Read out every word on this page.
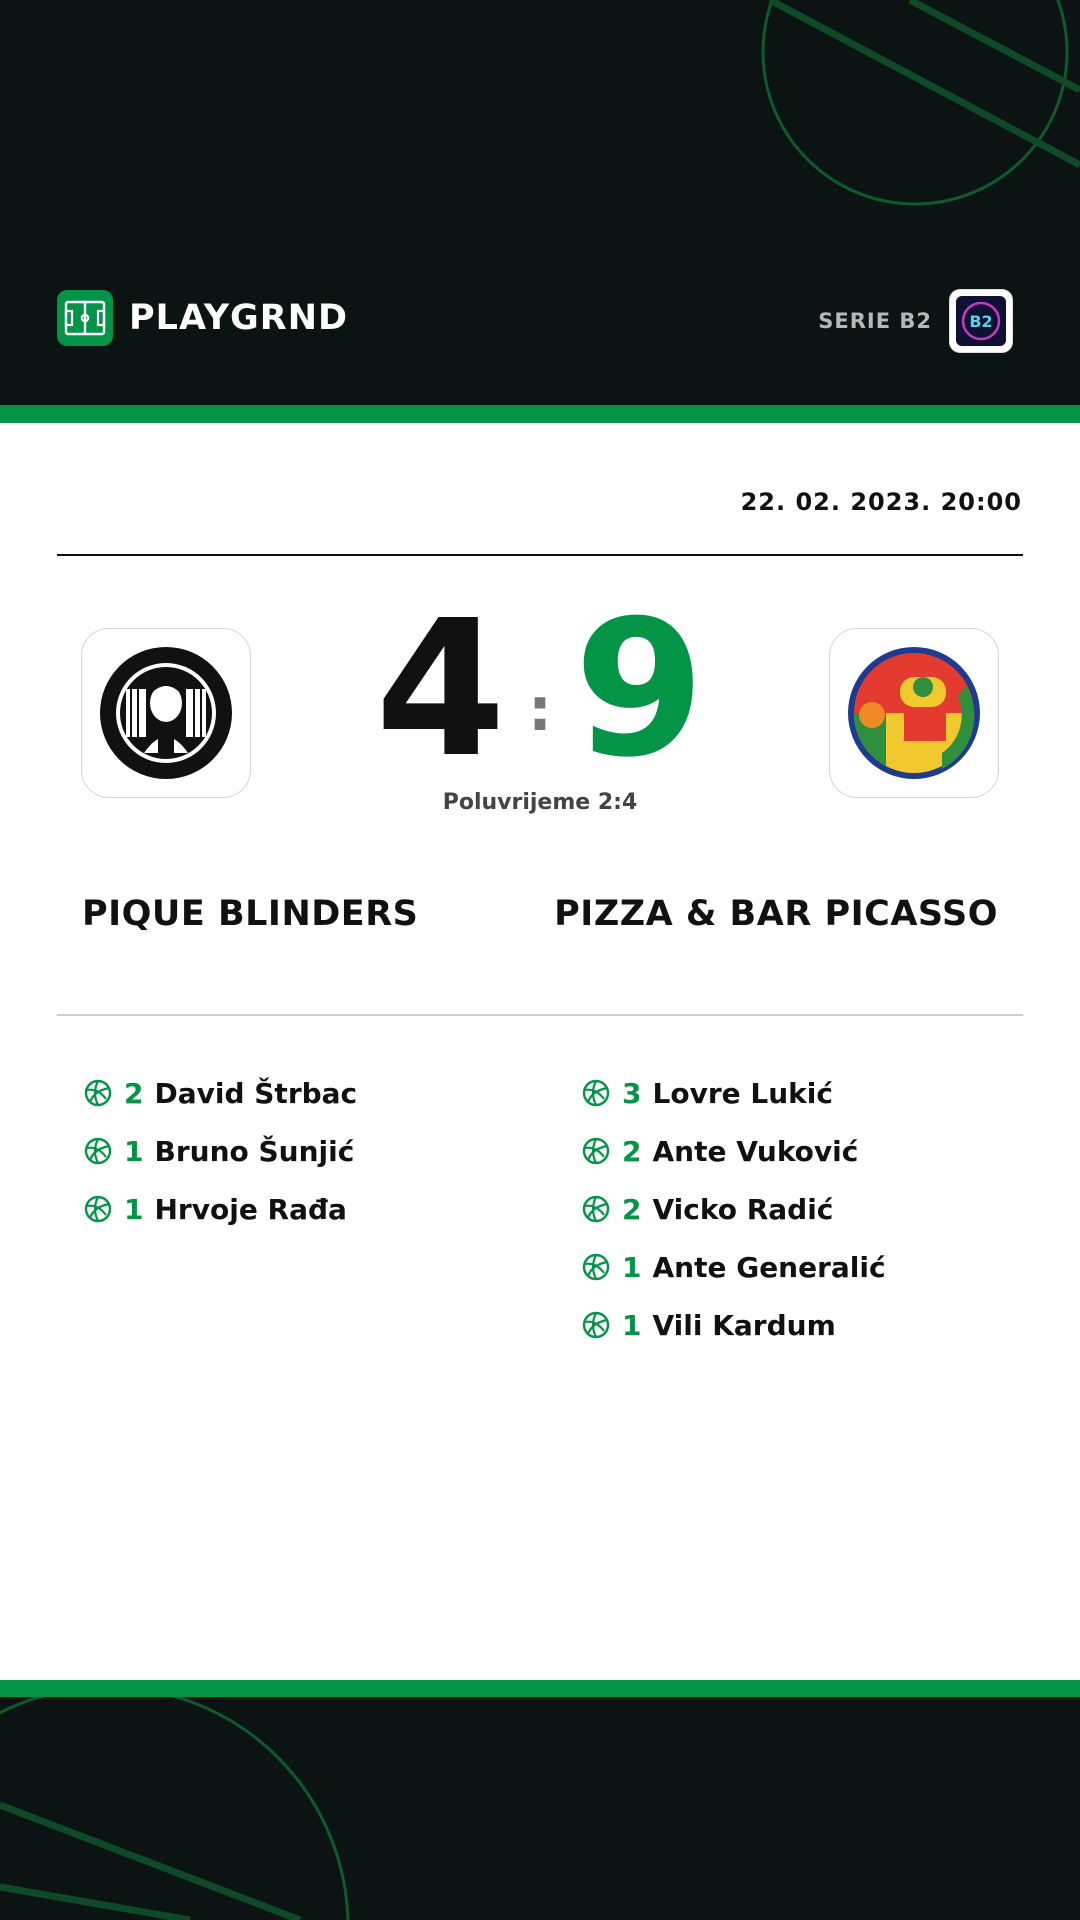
PLAYGRND	SERIE B2 B2
22. 02. 2023. 20:00
4 : 9
Poluvrijeme 2:4
PIQUE BLINDERS	PIZZA & BAR PICASSO
2 David Štrbac
1 Bruno Šunjić
1 Hrvoje Rađa
3 Lovre Lukić
2 Ante Vuković
2 Vicko Radić
1 Ante Generalić
1 Vili Kardum
